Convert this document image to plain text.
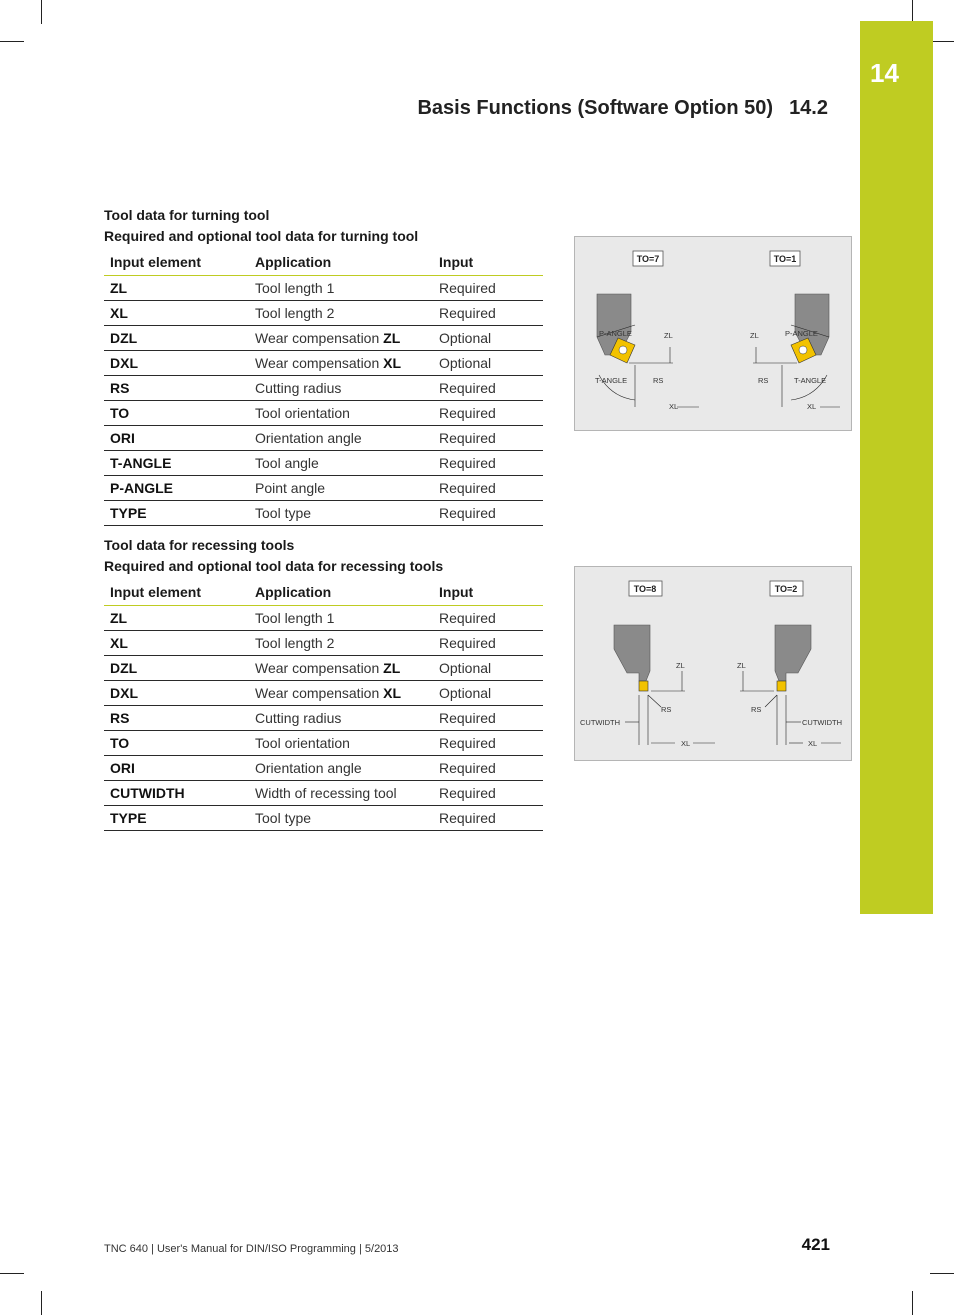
14
Basis Functions (Software Option 50) 14.2
Tool data for turning tool
Required and optional tool data for turning tool
Input element	Application	Input
ZL	Tool length 1	Required
XL	Tool length 2	Required
DZL	Wear compensation ZL	Optional
DXL	Wear compensation XL	Optional
RS	Cutting radius	Required
TO	Tool orientation	Required
ORI	Orientation angle	Required
T-ANGLE	Tool angle	Required
P-ANGLE	Point angle	Required
TYPE	Tool type	Required
TO=7	TO=1
P-ANGLE	ZL
T-ANGLE	RS
XL
P-ANGLE
ZL
T-ANGLE
RS
XL
Tool data for recessing tools
Required and optional tool data for recessing tools
Input element	Application	Input
ZL	Tool length 1	Required
XL	Tool length 2	Required
DZL	Wear compensation ZL	Optional
DXL	Wear compensation XL	Optional
RS	Cutting radius	Required
TO	Tool orientation	Required
ORI	Orientation angle	Required
CUTWIDTH	Width of recessing tool	Required
TYPE	Tool type	Required
TO=8	TO=2
ZL
RS
CUTWIDTH
XL
ZL
RS
CUTWIDTH
XL
TNC 640 | User's Manual for DIN/ISO Programming | 5/2013	421
